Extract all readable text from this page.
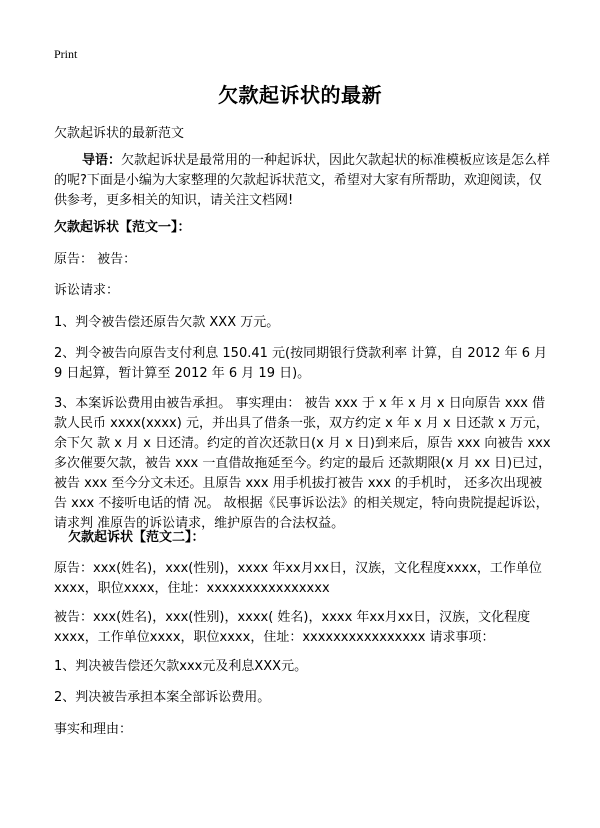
Print
欠款起诉状的最新
欠款起诉状的最新范文
导语：欠款起诉状是最常用的一种起诉状，因此欠款起状的标准模板应该是怎么样的呢?下面是小编为大家整理的欠款起诉状范文，希望对大家有所帮助，欢迎阅读，仅供参考，更多相关的知识，请关注文档网!
欠款起诉状【范文一】：
原告： 被告：
诉讼请求：
1、判令被告偿还原告欠款 XXX 万元。
2、判令被告向原告支付利息 150.41 元(按同期银行贷款利率 计算，自 2012 年 6 月 9 日起算，暂计算至 2012 年 6 月 19 日)。
3、本案诉讼费用由被告承担。 事实理由： 被告 xxx 于 x 年 x 月 x 日向原告 xxx 借款人民币 xxxx(xxxx) 元，并出具了借条一张，双方约定 x 年 x 月 x 日还款 x 万元，余下欠 款 x 月 x 日还清。约定的首次还款日(x 月 x 日)到来后，原告 xxx 向被告 xxx 多次催要欠款，被告 xxx 一直借故拖延至今。约定的最后 还款期限(x 月 xx 日)已过，被告 xxx 至今分文未还。且原告 xxx 用手机拔打被告 xxx 的手机时， 还多次出现被告 xxx 不接听电话的情 况。 故根据《民事诉讼法》的相关规定，特向贵院提起诉讼，请求判 准原告的诉讼请求，维护原告的合法权益。
欠款起诉状【范文二】：
原告：xxx(姓名)，xxx(性别)，xxxx 年xx月xx日，汉族，文化程度xxxx，工作单位 xxxx，职位xxxx，住址：xxxxxxxxxxxxxxxx
被告：xxx(姓名)，xxx(性别)，xxxx( 姓名)，xxxx 年xx月xx日，汉族，文化程度xxxx，工作单位xxxx，职位xxxx，住址：xxxxxxxxxxxxxxxx 请求事项：
1、判决被告偿还欠款xxx元及利息XXX元。
2、判决被告承担本案全部诉讼费用。
事实和理由：
